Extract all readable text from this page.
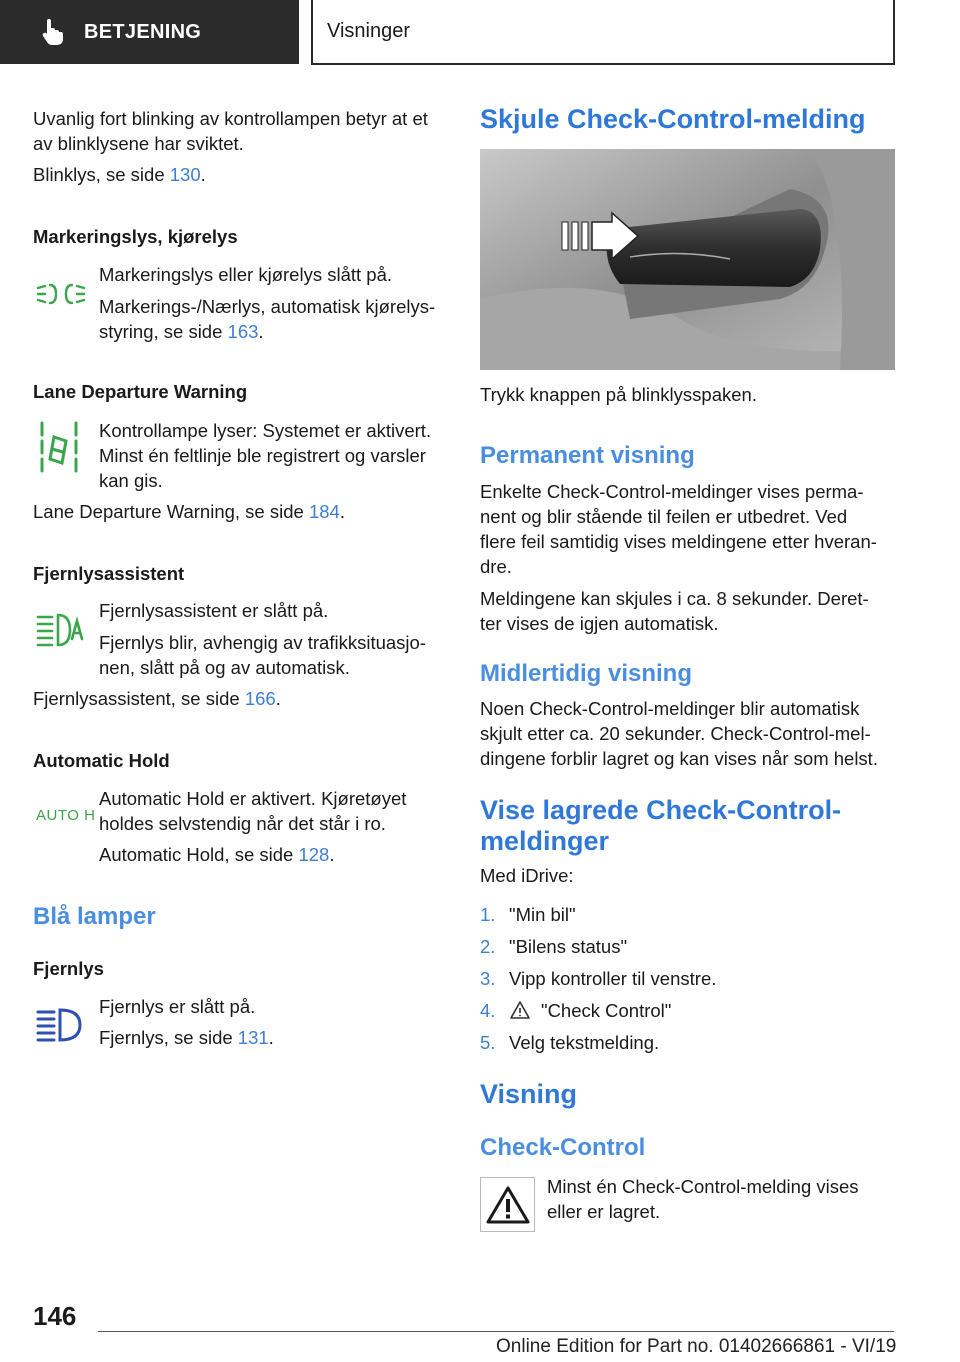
BETJENING	Visninger

Uvanlig fort blinking av kontrollampen betyr at et

av blinklysene har sviktet.

Blinklys, se side 130.

Markeringslys, kjørelys

Markeringslys eller kjørelys slått på.

Markerings-/Nærlys, automatisk kjørelys-

styring, se side 163.

Lane Departure Warning

Kontrollampe lyser: Systemet er aktivert.

Minst én feltlinje ble registrert og varsler

kan gis.

Lane Departure Warning, se side 184.

Fjernlysassistent

Fjernlysassistent er slått på.

Fjernlys blir, avhengig av trafikksituasjo-

nen, slått på og av automatisk.

Fjernlysassistent, se side 166.

Automatic Hold

AUTO H

Automatic Hold er aktivert. Kjøretøyet

holdes selvstendig når det står i ro.

Automatic Hold, se side 128.

Blå lamper

Fjernlys

Fjernlys er slått på.

Fjernlys, se side 131.

Skjule Check-Control-melding

Trykk knappen på blinklysspaken.

Permanent visning

Enkelte Check-Control-meldinger vises perma-

nent og blir stående til feilen er utbedret. Ved

flere feil samtidig vises meldingene etter hveran-

dre.

Meldingene kan skjules i ca. 8 sekunder. Deret-

ter vises de igjen automatisk.

Midlertidig visning

Noen Check-Control-meldinger blir automatisk

skjult etter ca. 20 sekunder. Check-Control-mel-

dingene forblir lagret og kan vises når som helst.

Vise lagrede Check-Control-

meldinger

Med iDrive:

1. "Min bil"
2. "Bilens status"
3. Vipp kontroller til venstre.
4.	"Check Control"
5. Velg tekstmelding.

Visning

Check-Control

Minst én Check-Control-melding vises

eller er lagret.

146
Online Edition for Part no. 01402666861 - VI/19
